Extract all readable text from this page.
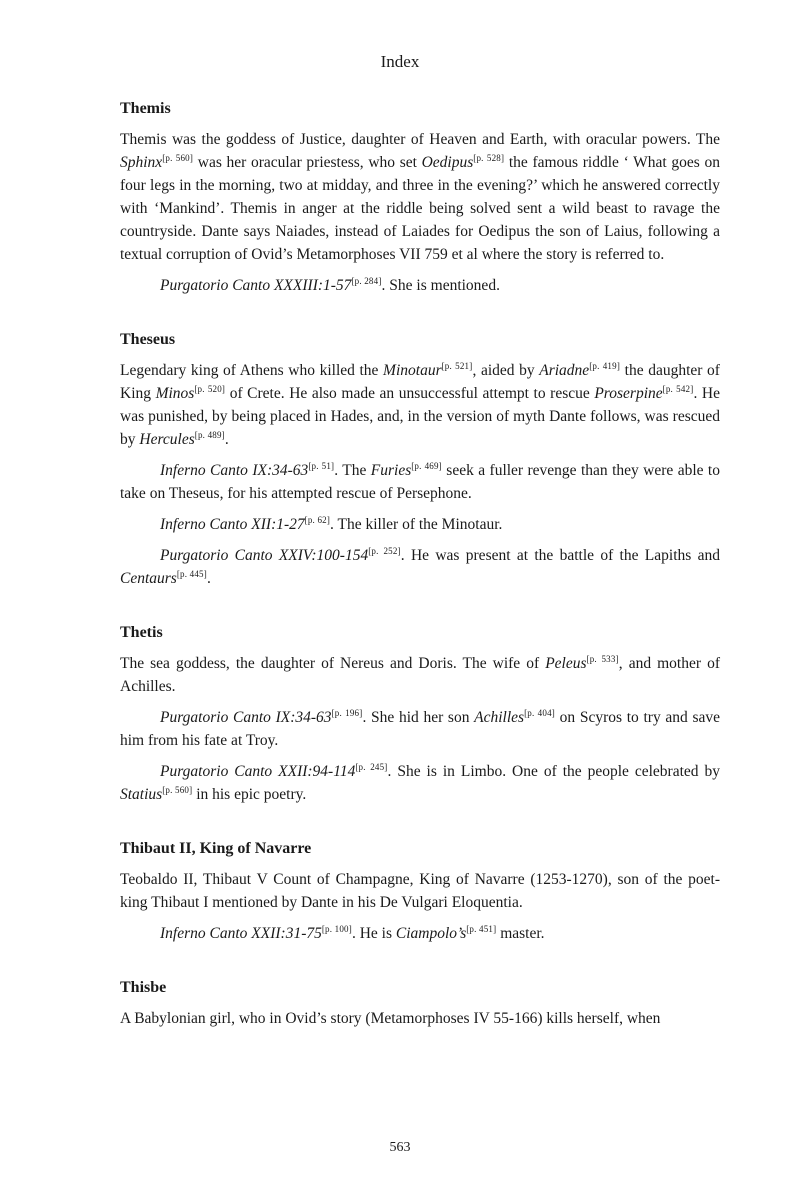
Index
Themis

Themis was the goddess of Justice, daughter of Heaven and Earth, with oracular powers. The Sphinx[p. 560] was her oracular priestess, who set Oedipus[p. 528] the famous riddle ‘ What goes on four legs in the morning, two at midday, and three in the evening?’ which he answered correctly with ‘Mankind’. Themis in anger at the riddle being solved sent a wild beast to ravage the countryside. Dante says Naiades, instead of Laiades for Oedipus the son of Laius, following a textual corruption of Ovid’s Metamorphoses VII 759 et al where the story is referred to.

Purgatorio Canto XXXIII:1-57[p. 284]. She is mentioned.

Theseus

Legendary king of Athens who killed the Minotaur[p. 521], aided by Ariadne[p. 419] the daughter of King Minos[p. 520] of Crete. He also made an unsuccessful attempt to rescue Proserpine[p. 542]. He was punished, by being placed in Hades, and, in the version of myth Dante follows, was rescued by Hercules[p. 489].

Inferno Canto IX:34-63[p. 51]. The Furies[p. 469] seek a fuller revenge than they were able to take on Theseus, for his attempted rescue of Persephone.

Inferno Canto XII:1-27[p. 62]. The killer of the Minotaur.

Purgatorio Canto XXIV:100-154[p. 252]. He was present at the battle of the Lapiths and Centaurs[p. 445].

Thetis

The sea goddess, the daughter of Nereus and Doris. The wife of Peleus[p. 533], and mother of Achilles.

Purgatorio Canto IX:34-63[p. 196]. She hid her son Achilles[p. 404] on Scyros to try and save him from his fate at Troy.

Purgatorio Canto XXII:94-114[p. 245]. She is in Limbo. One of the people celebrated by Statius[p. 560] in his epic poetry.

Thibaut II, King of Navarre

Teobaldo II, Thibaut V Count of Champagne, King of Navarre (1253-1270), son of the poet-king Thibaut I mentioned by Dante in his De Vulgari Eloquentia.

Inferno Canto XXII:31-75[p. 100]. He is Ciampolo’s[p. 451] master.

Thisbe

A Babylonian girl, who in Ovid’s story (Metamorphoses IV 55-166) kills herself, when

563
